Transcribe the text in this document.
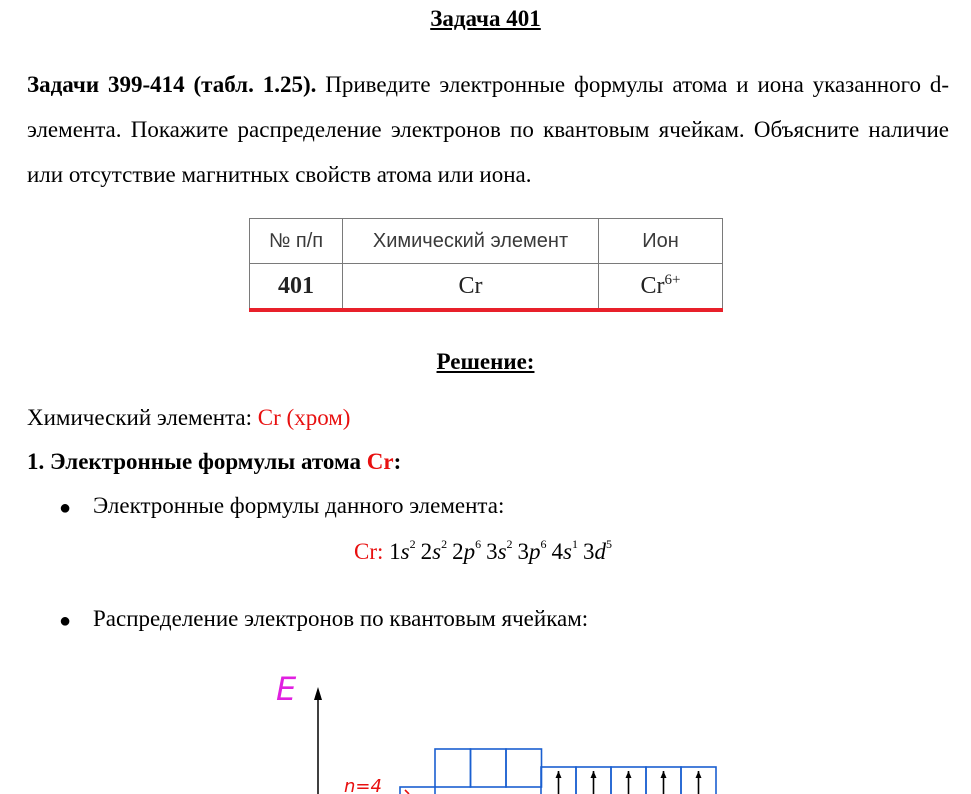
Задача 401
Задачи 399-414 (табл. 1.25). Приведите электронные формулы атома и иона указанного d-элемента. Покажите распределение электронов по квантовым ячейкам. Объясните наличие или отсутствие магнитных свойств атома или иона.
№ п/п	Химический элемент	Ион
401	Cr	$Cr^{6+}$
Решение:
Химический элемента: Cr (хром)
1. Электронные формулы атома Cr:
● Электронные формулы данного элемента:
Cr: $1s^2$ $2s^2$ $2p^6$ $3s^2$ $3p^6$ $4s^1$ $3d^5$
● Распределение электронов по квантовым ячейкам:
E
n=4
